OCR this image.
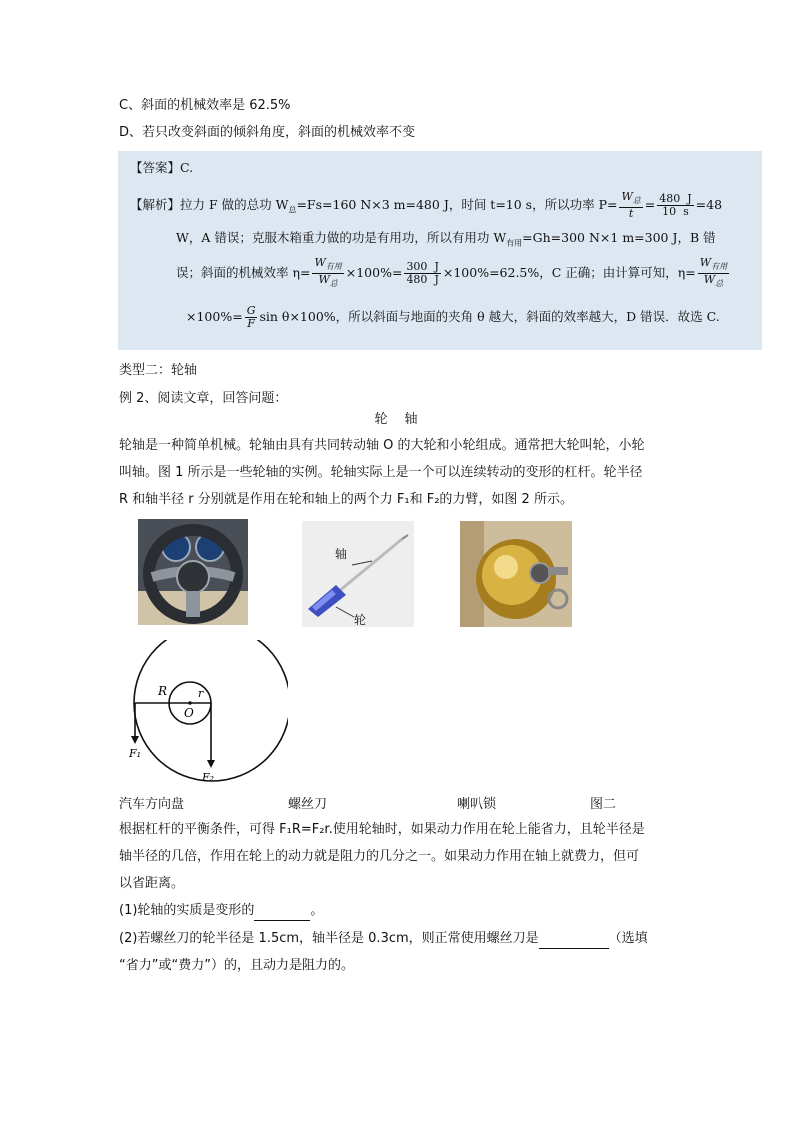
C、斜面的机械效率是 62.5%
D、若只改变斜面的倾斜角度，斜面的机械效率不变
【答案】C.
【解析】拉力 F 做的总功 $W_总=Fs=160$ N×3 m=480 J，时间 t=10 s，所以功率 $P= \frac{W_总}{t} = \frac{480 J}{10 s} =48$
W，A 错误；克服木箱重力做的功是有用功，所以有用功 $W_{有用}=Gh=300$ N×1 m=300 J，B 错
误；斜面的机械效率 $\eta= \frac{W_{有用}}{W_总} \times 100\%= \frac{300 J}{480 J} \times 100\%=62.5\%$，C 正确；由计算可知，$\eta= \frac{W_{有用}}{W_总}$
$\times 100\%= \frac{G}{F}$ sin θ×100%，所以斜面与地面的夹角 θ 越大，斜面的效率越大，D 错误．故选 C.
类型二：轮轴
例 2、阅读文章，回答问题：
轮　轴
轮轴是一种简单机械。轮轴由具有共同转动轴 O 的大轮和小轮组成。通常把大轮叫轮，小轮
叫轴。图 1 所示是一些轮轴的实例。轮轴实际上是一个可以连续转动的变形的杠杆。轮半径
R 和轴半径 r 分别就是作用在轮和轴上的两个力 F₁和 F₂的力臂，如图 2 所示。
轴
轮
R	r
O
F₁
F₂
汽车方向盘	螺丝刀	喇叭锁	图二
根据杠杆的平衡条件，可得 F₁R=F₂r.使用轮轴时，如果动力作用在轮上能省力，且轮半径是
轴半径的几倍，作用在轮上的动力就是阻力的几分之一。如果动力作用在轴上就费力，但可
以省距离。
(1)轮轴的实质是变形的	。
(2)若螺丝刀的轮半径是 1.5cm，轴半径是 0.3cm，则正常使用螺丝刀是	（选填
“省力”或“费力”）的，且动力是阻力的。
